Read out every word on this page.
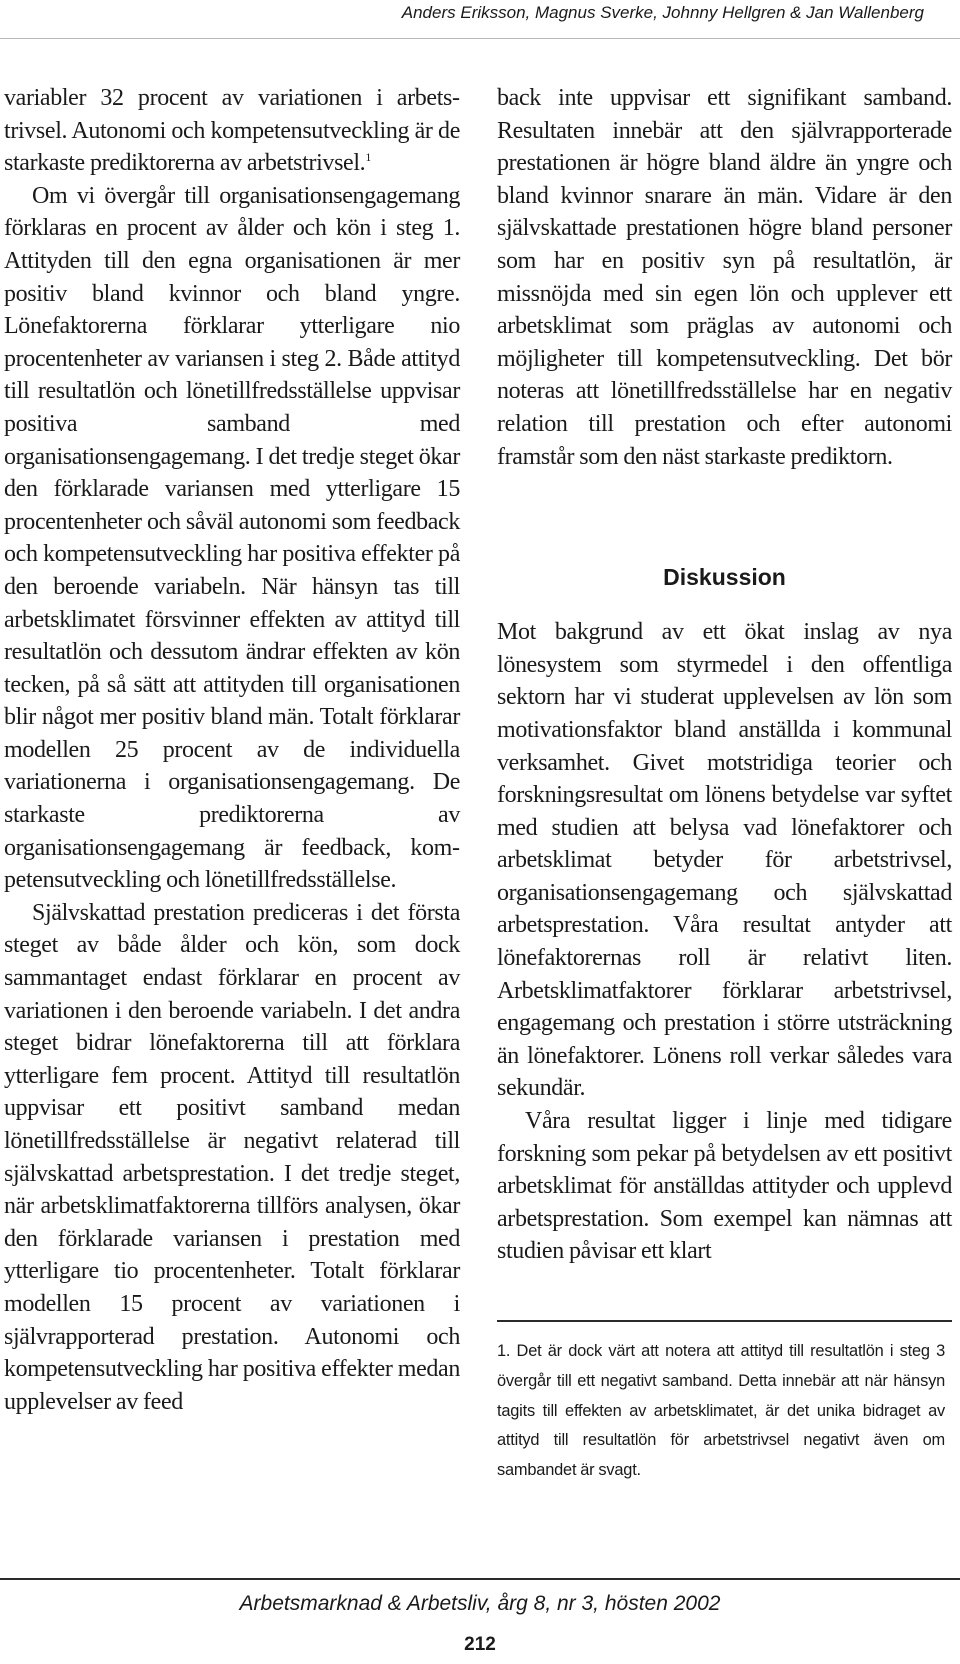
Anders Eriksson, Magnus Sverke, Johnny Hellgren & Jan Wallenberg

variabler 32 procent av variationen i arbetstrivsel. Autonomi och kompetensutveckling är de starkaste prediktorerna av arbetstrivsel.$^1$

Om vi övergår till organisationsengagemang förklaras en procent av ålder och kön i steg 1. Attityden till den egna organisationen är mer positiv bland kvinnor och bland yngre. Lönefaktorerna förklarar ytterligare nio procentenheter av variansen i steg 2. Både attityd till resultatlön och lönetillfredsställelse uppvisar positiva samband med organisationsengagemang. I det tredje steget ökar den förklarade variansen med ytterligare 15 procentenheter och såväl autonomi som feedback och kompetensutveckling har positiva effekter på den beroende variabeln. När hänsyn tas till arbetsklimatet försvinner effekten av attityd till resultatlön och dessutom ändrar effekten av kön tecken, på så sätt att attityden till organisationen blir något mer positiv bland män. Totalt förklarar modellen 25 procent av de individuella variationerna i organisationsengagemang. De starkaste prediktorerna av organisationsengagemang är feedback, kompetensutveckling och lönetillfredsställelse.

Självskattad prestation prediceras i det första steget av både ålder och kön, som dock sammantaget endast förklarar en procent av variationen i den beroende variabeln. I det andra steget bidrar lönefaktorerna till att förklara ytterligare fem procent. Attityd till resultatlön uppvisar ett positivt samband medan lönetillfredsställelse är negativt relaterad till självskattad arbetsprestation. I det tredje steget, när arbetsklimatfaktorerna tillförs analysen, ökar den förklarade variansen i prestation med ytterligare tio procentenheter. Totalt förklarar modellen 15 procent av variationen i självrapporterad prestation. Autonomi och kompetensutveckling har positiva effekter medan upplevelser av feed

back inte uppvisar ett signifikant samband. Resultaten innebär att den självrapporterade prestationen är högre bland äldre än yngre och bland kvinnor snarare än män. Vidare är den självskattade prestationen högre bland personer som har en positiv syn på resultatlön, är missnöjda med sin egen lön och upplever ett arbetsklimat som präglas av autonomi och möjligheter till kompetensutveckling. Det bör noteras att lönetillfredsställelse har en negativ relation till prestation och efter autonomi framstår som den näst starkaste prediktorn.

Diskussion

Mot bakgrund av ett ökat inslag av nya lönesystem som styrmedel i den offentliga sektorn har vi studerat upplevelsen av lön som motivationsfaktor bland anställda i kommunal verksamhet. Givet motstridiga teorier och forskningsresultat om lönens betydelse var syftet med studien att belysa vad lönefaktorer och arbetsklimat betyder för arbetstrivsel, organisationsengagemang och självskattad arbetsprestation. Våra resultat antyder att lönefaktorernas roll är relativt liten. Arbetsklimatfaktorer förklarar arbetstrivsel, engagemang och prestation i större utsträckning än lönefaktorer. Lönens roll verkar således vara sekundär.

Våra resultat ligger i linje med tidigare forskning som pekar på betydelsen av ett positivt arbetsklimat för anställdas attityder och upplevd arbetsprestation. Som exempel kan nämnas att studien påvisar ett klart

1. Det är dock värt att notera att attityd till resultatlön i steg 3 övergår till ett negativt samband. Detta innebär att när hänsyn tagits till effekten av arbetsklimatet, är det unika bidraget av attityd till resultatlön för arbetstrivsel negativt även om sambandet är svagt.

Arbetsmarknad & Arbetsliv, årg 8, nr 3, hösten 2002
212
